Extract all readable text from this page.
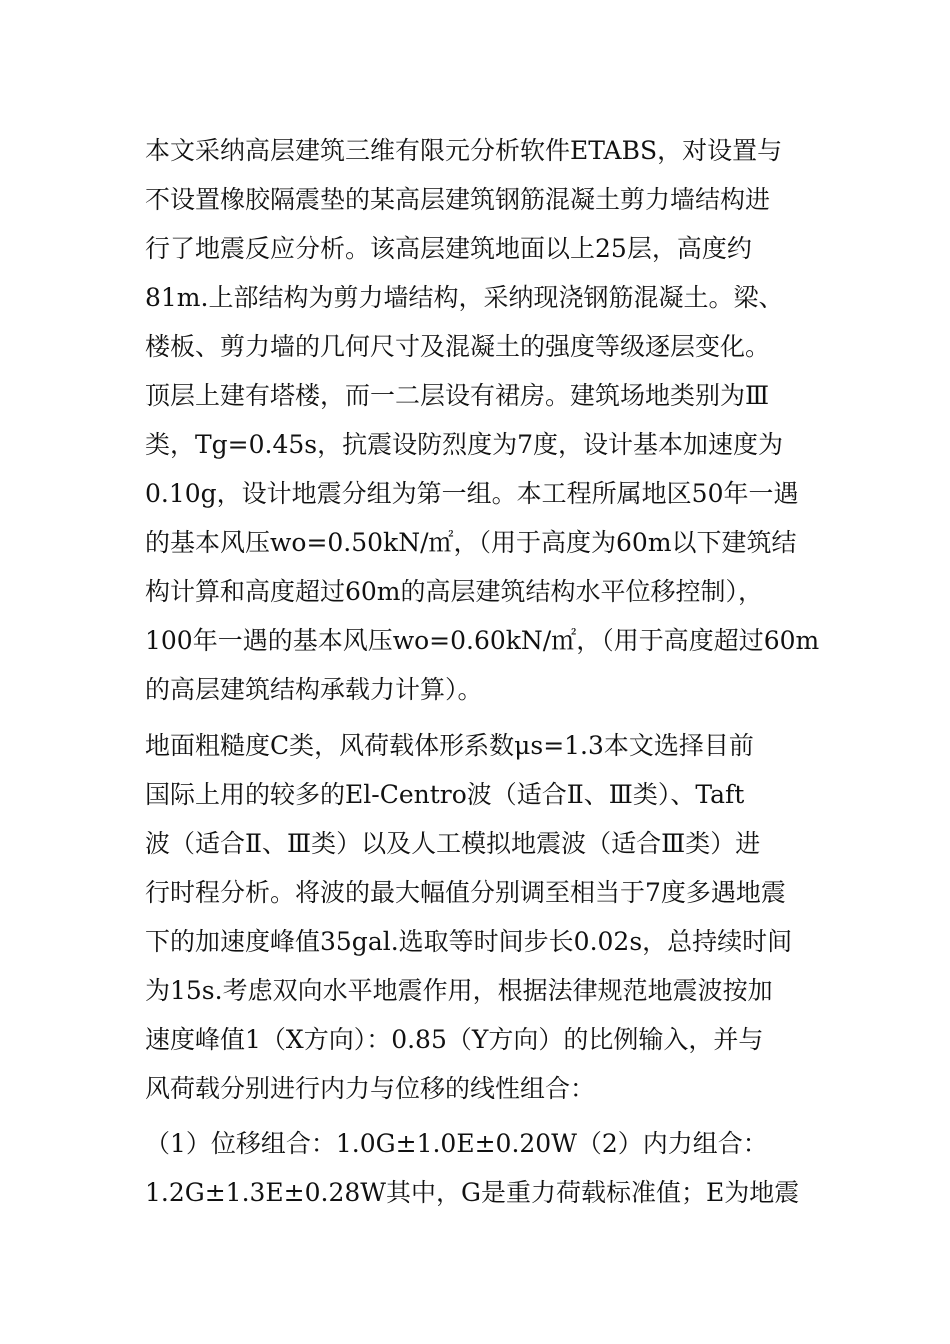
本文采纳高层建筑三维有限元分析软件ETABS，对设置与
不设置橡胶隔震垫的某高层建筑钢筋混凝土剪力墙结构进
行了地震反应分析。该高层建筑地面以上25层，高度约
81m.上部结构为剪力墙结构，采纳现浇钢筋混凝土。梁、
楼板、剪力墙的几何尺寸及混凝土的强度等级逐层变化。
顶层上建有塔楼，而一二层设有裙房。建筑场地类别为Ⅲ
类，Tg=0.45s，抗震设防烈度为7度，设计基本加速度为
0.10g，设计地震分组为第一组。本工程所属地区50年一遇
的基本风压wo=0.50kN/㎡，（用于高度为60m以下建筑结
构计算和高度超过60m的高层建筑结构水平位移控制），
100年一遇的基本风压wo=0.60kN/㎡，（用于高度超过60m
的高层建筑结构承载力计算）。
地面粗糙度C类，风荷载体形系数μs=1.3本文选择目前
国际上用的较多的El-Centro波（适合Ⅱ、Ⅲ类）、Taft
波（适合Ⅱ、Ⅲ类）以及人工模拟地震波（适合Ⅲ类）进
行时程分析。将波的最大幅值分别调至相当于7度多遇地震
下的加速度峰值35gal.选取等时间步长0.02s，总持续时间
为15s.考虑双向水平地震作用，根据法律规范地震波按加
速度峰值1（X方向）：0.85（Y方向）的比例输入，并与
风荷载分别进行内力与位移的线性组合：
（1）位移组合：1.0G±1.0E±0.20W（2）内力组合：
1.2G±1.3E±0.28W其中，G是重力荷载标准值；E为地震
